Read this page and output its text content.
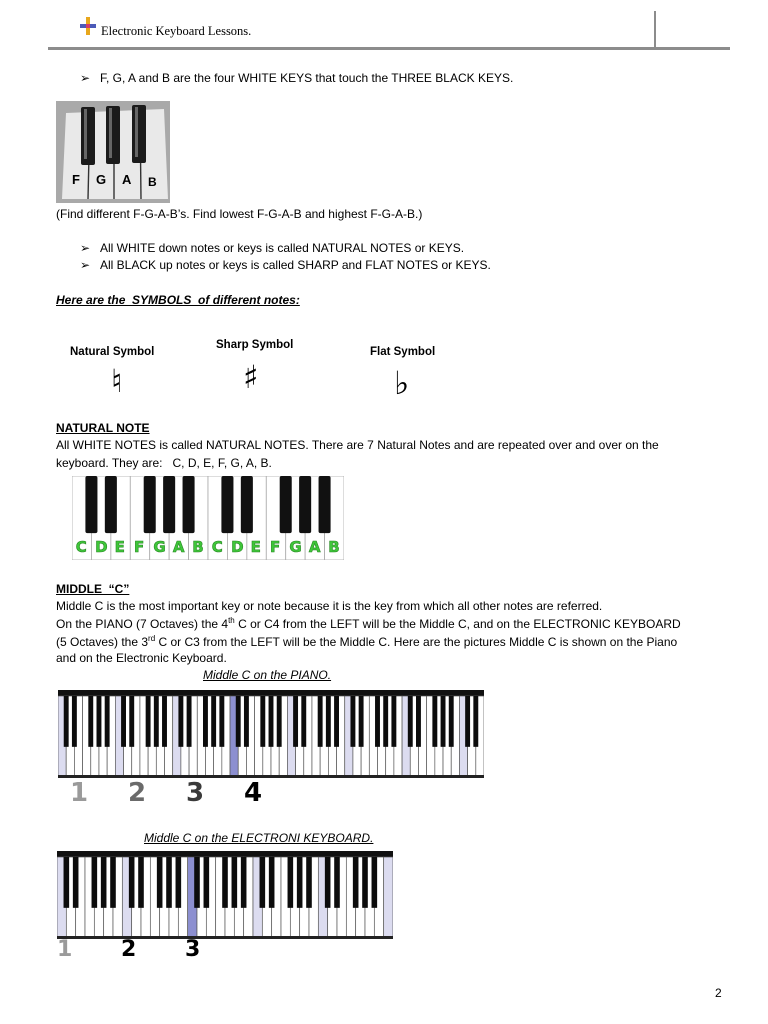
Electronic Keyboard Lessons.
➢ F, G, A and B are the four WHITE KEYS that touch the THREE BLACK KEYS.
F G A B
(Find different F-G-A-B’s. Find lowest F-G-A-B and highest F-G-A-B.)
➢ All WHITE down notes or keys is called NATURAL NOTES or KEYS.
➢ All BLACK up notes or keys is called SHARP and FLAT NOTES or KEYS.
Here are the  SYMBOLS  of different notes:
Natural Symbol
♮
Sharp Symbol
♯
Flat Symbol
♭
NATURAL NOTE
All WHITE NOTES is called NATURAL NOTES. There are 7 Natural Notes and are repeated over and over on the
keyboard. They are:   C, D, E, F, G, A, B.
C D E F G A B C D E F G A B
MIDDLE  “C”
Middle C is the most important key or note because it is the key from which all other notes are referred.
On the PIANO (7 Octaves) the 4th C or C4 from the LEFT will be the Middle C, and on the ELECTRONIC KEYBOARD
(5 Octaves) the 3rd C or C3 from the LEFT will be the Middle C. Here are the pictures Middle C is shown on the Piano
and on the Electronic Keyboard.
Middle C on the PIANO.
1 2 3 4
Middle C on the ELECTRONI KEYBOARD.
1 2 3
2
